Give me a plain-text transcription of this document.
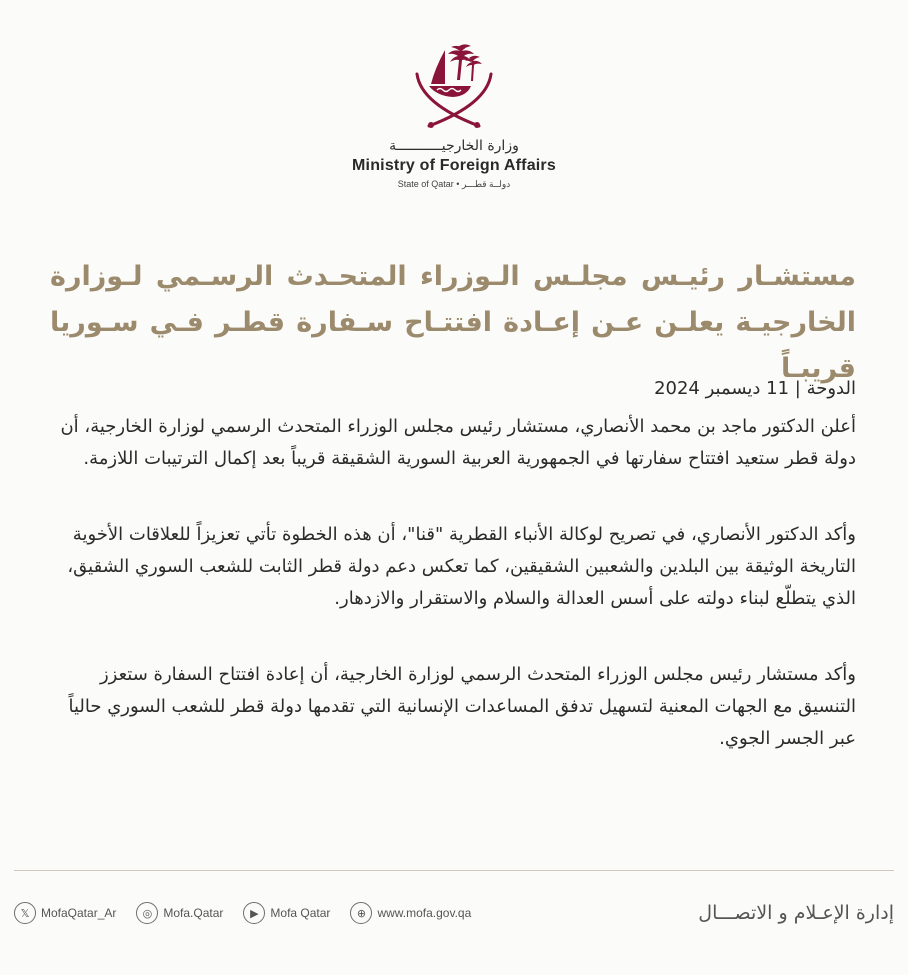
وزارة الخارجيـــــــــــة
Ministry of Foreign Affairs
State of Qatar • دولــة قطـــر
مستشـار رئيـس مجلـس الـوزراء المتحـدث الرسـمي لـوزارة
الخارجيـة يعلـن عـن إعـادة افتتـاح سـفارة قطـر فـي سـوريا قريبـاً
الدوحة | 11 ديسمبر 2024

أعلن الدكتور ماجد بن محمد الأنصاري، مستشار رئيس مجلس الوزراء المتحدث الرسمي لوزارة الخارجية، أن دولة قطر ستعيد افتتاح سفارتها في الجمهورية العربية السورية الشقيقة قريباً بعد إكمال الترتيبات اللازمة.

وأكد الدكتور الأنصاري، في تصريح لوكالة الأنباء القطرية "قنا"، أن هذه الخطوة تأتي تعزيزاً للعلاقات الأخوية التاريخة الوثيقة بين البلدين والشعبين الشقيقين، كما تعكس دعم دولة قطر الثابت للشعب السوري الشقيق، الذي يتطلّع لبناء دولته على أسس العدالة والسلام والاستقرار والازدهار.

وأكد مستشار رئيس مجلس الوزراء المتحدث الرسمي لوزارة الخارجية، أن إعادة افتتاح السفارة ستعزز التنسيق مع الجهات المعنية لتسهيل تدفق المساعدات الإنسانية التي تقدمها دولة قطر للشعب السوري حالياً عبر الجسر الجوي.

𝕏 MofaQatar_Ar	◎ Mofa.Qatar	▶ Mofa Qatar	⊕ www.mofa.gov.qa	إدارة الإعـلام و الاتصـــال
